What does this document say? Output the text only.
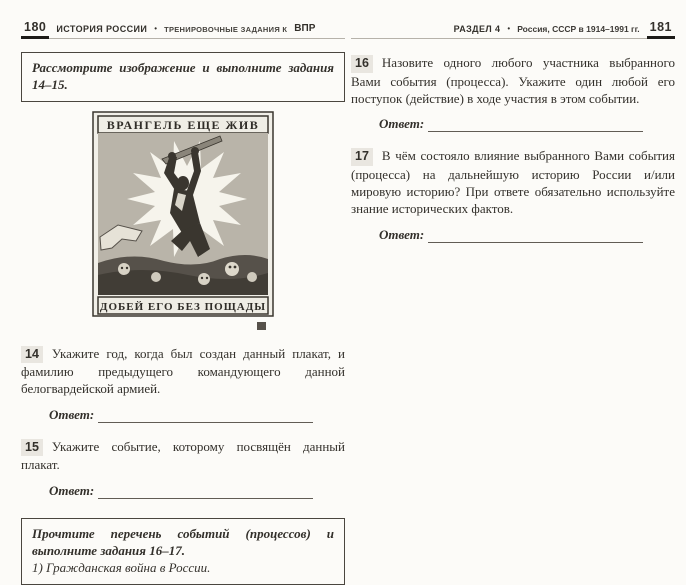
180	ИСТОРИЯ РОССИИ • ТРЕНИРОВОЧНЫЕ ЗАДАНИЯ К ВПР

Рассмотрите изображение и выполните задания 14–15.

ВРАНГЕЛЬ ЕЩЕ ЖИВ
ДОБЕЙ ЕГО БЕЗ ПОЩАДЫ

14 Укажите год, когда был создан данный плакат, и фамилию предыдущего командующего данной белогвардейской армией.

Ответ:

15 Укажите событие, которому посвящён данный плакат.

Ответ:

Прочтите перечень событий (процессов) и выполните задания 16–17.

1) Гражданская война в России.

РАЗДЕЛ 4 • Россия, СССР в 1914–1991 гг. 181

16 Назовите одного любого участника выбранного Вами события (процесса). Укажите один любой его поступок (действие) в ходе участия в этом событии.

Ответ:

17 В чём состояло влияние выбранного Вами события (процесса) на дальнейшую историю России и/или мировую историю? При ответе обязательно используйте знание исторических фактов.

Ответ:
